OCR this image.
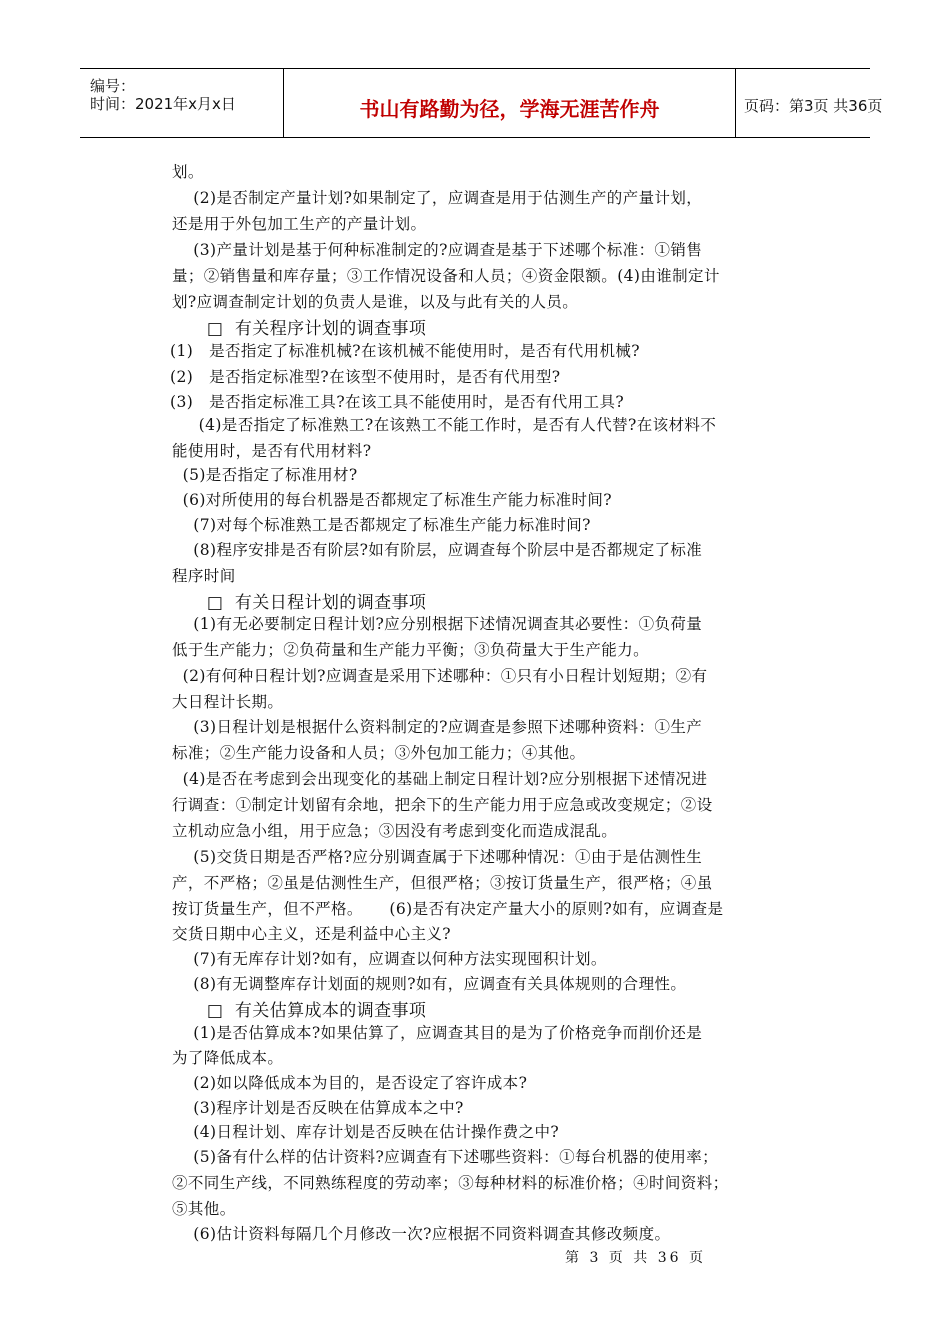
编号：
时间：2021年x月x日	书山有路勤为径，学海无涯苦作舟	页码：第3页 共36页
划。
(2)是否制定产量计划?如果制定了，应调查是用于估测生产的产量计划，
还是用于外包加工生产的产量计划。
(3)产量计划是基于何种标准制定的?应调查是基于下述哪个标准：①销售
量；②销售量和库存量；③工作情况设备和人员；④资金限额。(4)由谁制定计
划?应调查制定计划的负责人是谁，以及与此有关的人员。
□  有关程序计划的调查事项
(1)   是否指定了标准机械?在该机械不能使用时，是否有代用机械?
(2)   是否指定标准型?在该型不使用时，是否有代用型?
(3)   是否指定标准工具?在该工具不能使用时，是否有代用工具?
(4)是否指定了标准熟工?在该熟工不能工作时，是否有人代替?在该材料不
能使用时，是否有代用材料?
(5)是否指定了标准用材?
(6)对所使用的每台机器是否都规定了标准生产能力标准时间?
(7)对每个标准熟工是否都规定了标准生产能力标准时间?
(8)程序安排是否有阶层?如有阶层，应调查每个阶层中是否都规定了标准
程序时间
□  有关日程计划的调查事项
(1)有无必要制定日程计划?应分别根据下述情况调查其必要性：①负荷量
低于生产能力；②负荷量和生产能力平衡；③负荷量大于生产能力。
(2)有何种日程计划?应调查是采用下述哪种：①只有小日程计划短期；②有
大日程计长期。
(3)日程计划是根据什么资料制定的?应调查是参照下述哪种资料：①生产
标准；②生产能力设备和人员；③外包加工能力；④其他。
(4)是否在考虑到会出现变化的基础上制定日程计划?应分别根据下述情况进
行调查：①制定计划留有余地，把余下的生产能力用于应急或改变规定；②设
立机动应急小组，用于应急；③因没有考虑到变化而造成混乱。
(5)交货日期是否严格?应分别调查属于下述哪种情况：①由于是估测性生
产，不严格；②虽是估测性生产，但很严格；③按订货量生产，很严格；④虽
按订货量生产，但不严格。     (6)是否有决定产量大小的原则?如有，应调查是
交货日期中心主义，还是利益中心主义?
(7)有无库存计划?如有，应调查以何种方法实现囤积计划。
(8)有无调整库存计划面的规则?如有，应调查有关具体规则的合理性。
□  有关估算成本的调查事项
(1)是否估算成本?如果估算了，应调查其目的是为了价格竞争而削价还是
为了降低成本。
(2)如以降低成本为目的，是否设定了容许成本?
(3)程序计划是否反映在估算成本之中?
(4)日程计划、库存计划是否反映在估计操作费之中?
(5)备有什么样的估计资料?应调查有下述哪些资料：①每台机器的使用率；
②不同生产线，不同熟练程度的劳动率；③每种材料的标准价格；④时间资料；
⑤其他。
(6)估计资料每隔几个月修改一次?应根据不同资料调查其修改频度。
第 3 页 共 36 页
